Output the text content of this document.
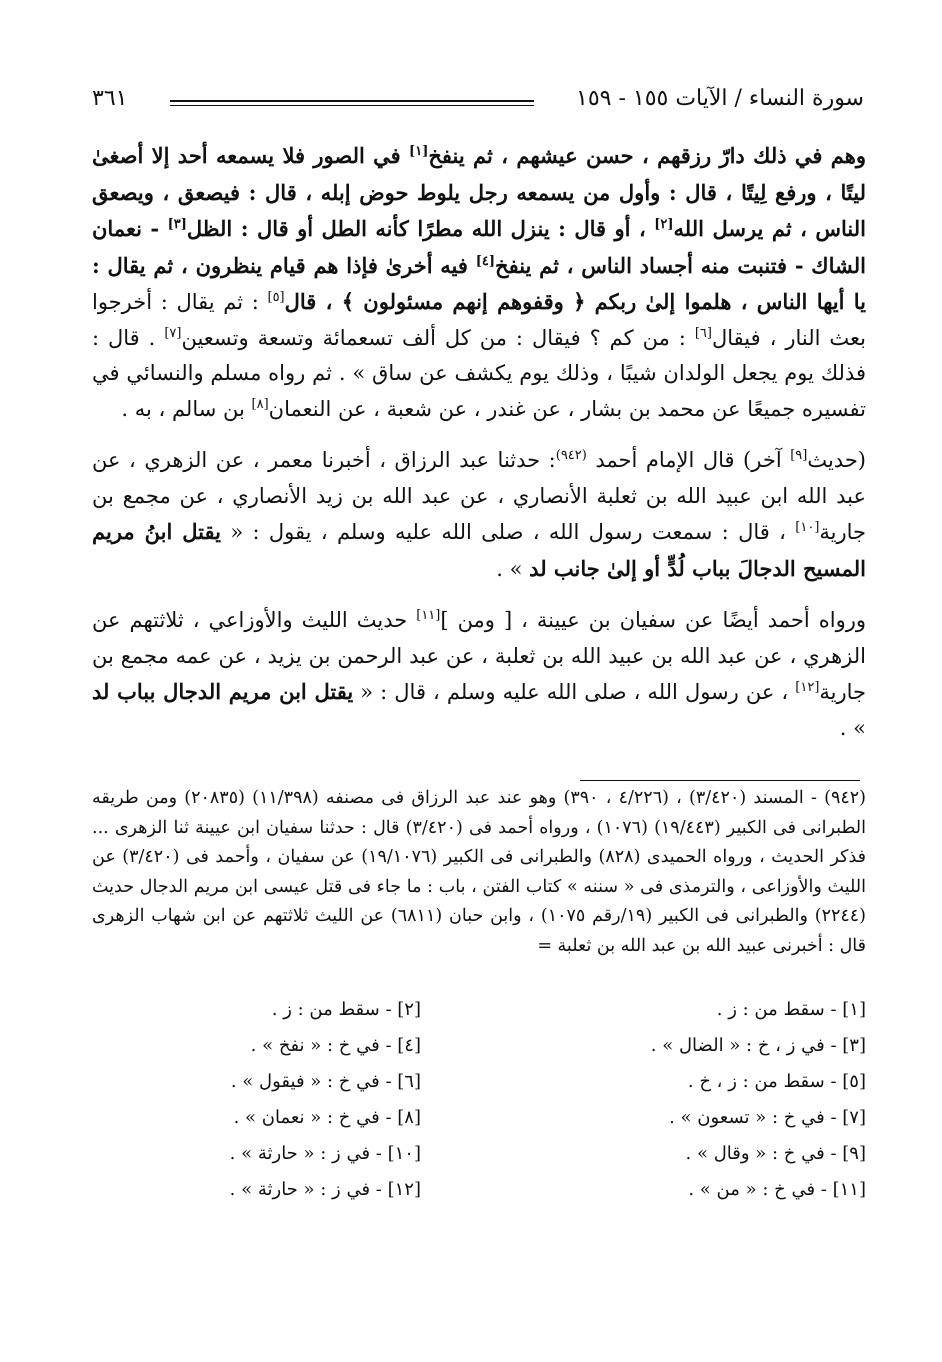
سورة النساء / الآيات ١٥٥ - ١٥٩
٣٦١

وهم في ذلك دارّ رزقهم ، حسن عيشهم ، ثم ينفخ[١] في الصور فلا يسمعه أحد إلا أصغىٰ ليتًا ، ورفع لِيتًا ، قال : وأول من يسمعه رجل يلوط حوض إبله ، قال : فيصعق ، ويصعق الناس ، ثم يرسل الله[٢] ، أو قال : ينزل الله مطرًا كأنه الطل أو قال : الظل[٣] - نعمان الشاك - فتنبت منه أجساد الناس ، ثم ينفخ[٤] فيه أخرىٰ فإذا هم قيام ينظرون ، ثم يقال : يا أيها الناس ، هلموا إلىٰ ربكم ﴿ وقفوهم إنهم مسئولون ﴾ ، قال[٥] : ثم يقال : أخرجوا بعث النار ، فيقال[٦] : من كم ؟ فيقال : من كل ألف تسعمائة وتسعة وتسعين[٧] . قال : فذلك يوم يجعل الولدان شيبًا ، وذلك يوم يكشف عن ساق » . ثم رواه مسلم والنسائي في تفسيره جميعًا عن محمد بن بشار ، عن غندر ، عن شعبة ، عن النعمان[٨] بن سالم ، به .

(حديث[٩] آخر) قال الإمام أحمد $^{(٩٤٢)}$: حدثنا عبد الرزاق ، أخبرنا معمر ، عن الزهري ، عن عبد الله ابن عبيد الله بن ثعلبة الأنصاري ، عن عبد الله بن زيد الأنصاري ، عن مجمع بن جارية[١٠] ، قال : سمعت رسول الله ، صلى الله عليه وسلم ، يقول : « يقتل ابنُ مريم المسيح الدجالَ بباب لُدٍّ أو إلىٰ جانب لد » .

ورواه أحمد أيضًا عن سفيان بن عيينة ، [ ومن ][١١] حديث الليث والأوزاعي ، ثلاثتهم عن الزهري ، عن عبد الله بن عبيد الله بن ثعلبة ، عن عبد الرحمن بن يزيد ، عن عمه مجمع بن جارية[١٢] ، عن رسول الله ، صلى الله عليه وسلم ، قال : « يقتل ابن مريم الدجال بباب لد » .

(٩٤٢) - المسند (٣/٤٢٠) ، (٤/٢٢٦ ، ٣٩٠) وهو عند عبد الرزاق فى مصنفه (١١/٣٩٨) (٢٠٨٣٥) ومن طريقه الطبرانى فى الكبير (١٩/٤٤٣) (١٠٧٦) ، ورواه أحمد فى (٣/٤٢٠) قال : حدثنا سفيان ابن عيينة ثنا الزهرى ... فذكر الحديث ، ورواه الحميدى (٨٢٨) والطبرانى فى الكبير (١٩/١٠٧٦) عن سفيان ، وأحمد فى (٣/٤٢٠) عن الليث والأوزاعى ، والترمذى فى « سننه » كتاب الفتن ، باب : ما جاء فى قتل عيسى ابن مريم الدجال حديث (٢٢٤٤) والطبرانى فى الكبير (١٩/رقم ١٠٧٥) ، وابن حبان (٦٨١١) عن الليث ثلاثتهم عن ابن شهاب الزهرى قال : أخبرنى عبيد الله بن عبد الله بن ثعلبة =
[١] - سقط من : ز .
[٣] - في ز ، خ : « الضال » .
[٥] - سقط من : ز ، خ .
[٧] - في خ : « تسعون » .
[٩] - في خ : « وقال » .
[١١] - في خ : « من » .
[٢] - سقط من : ز .
[٤] - في خ : « نفخ » .
[٦] - في خ : « فيقول » .
[٨] - في خ : « نعمان » .
[١٠] - في ز : « حارثة » .
[١٢] - في ز : « حارثة » .
